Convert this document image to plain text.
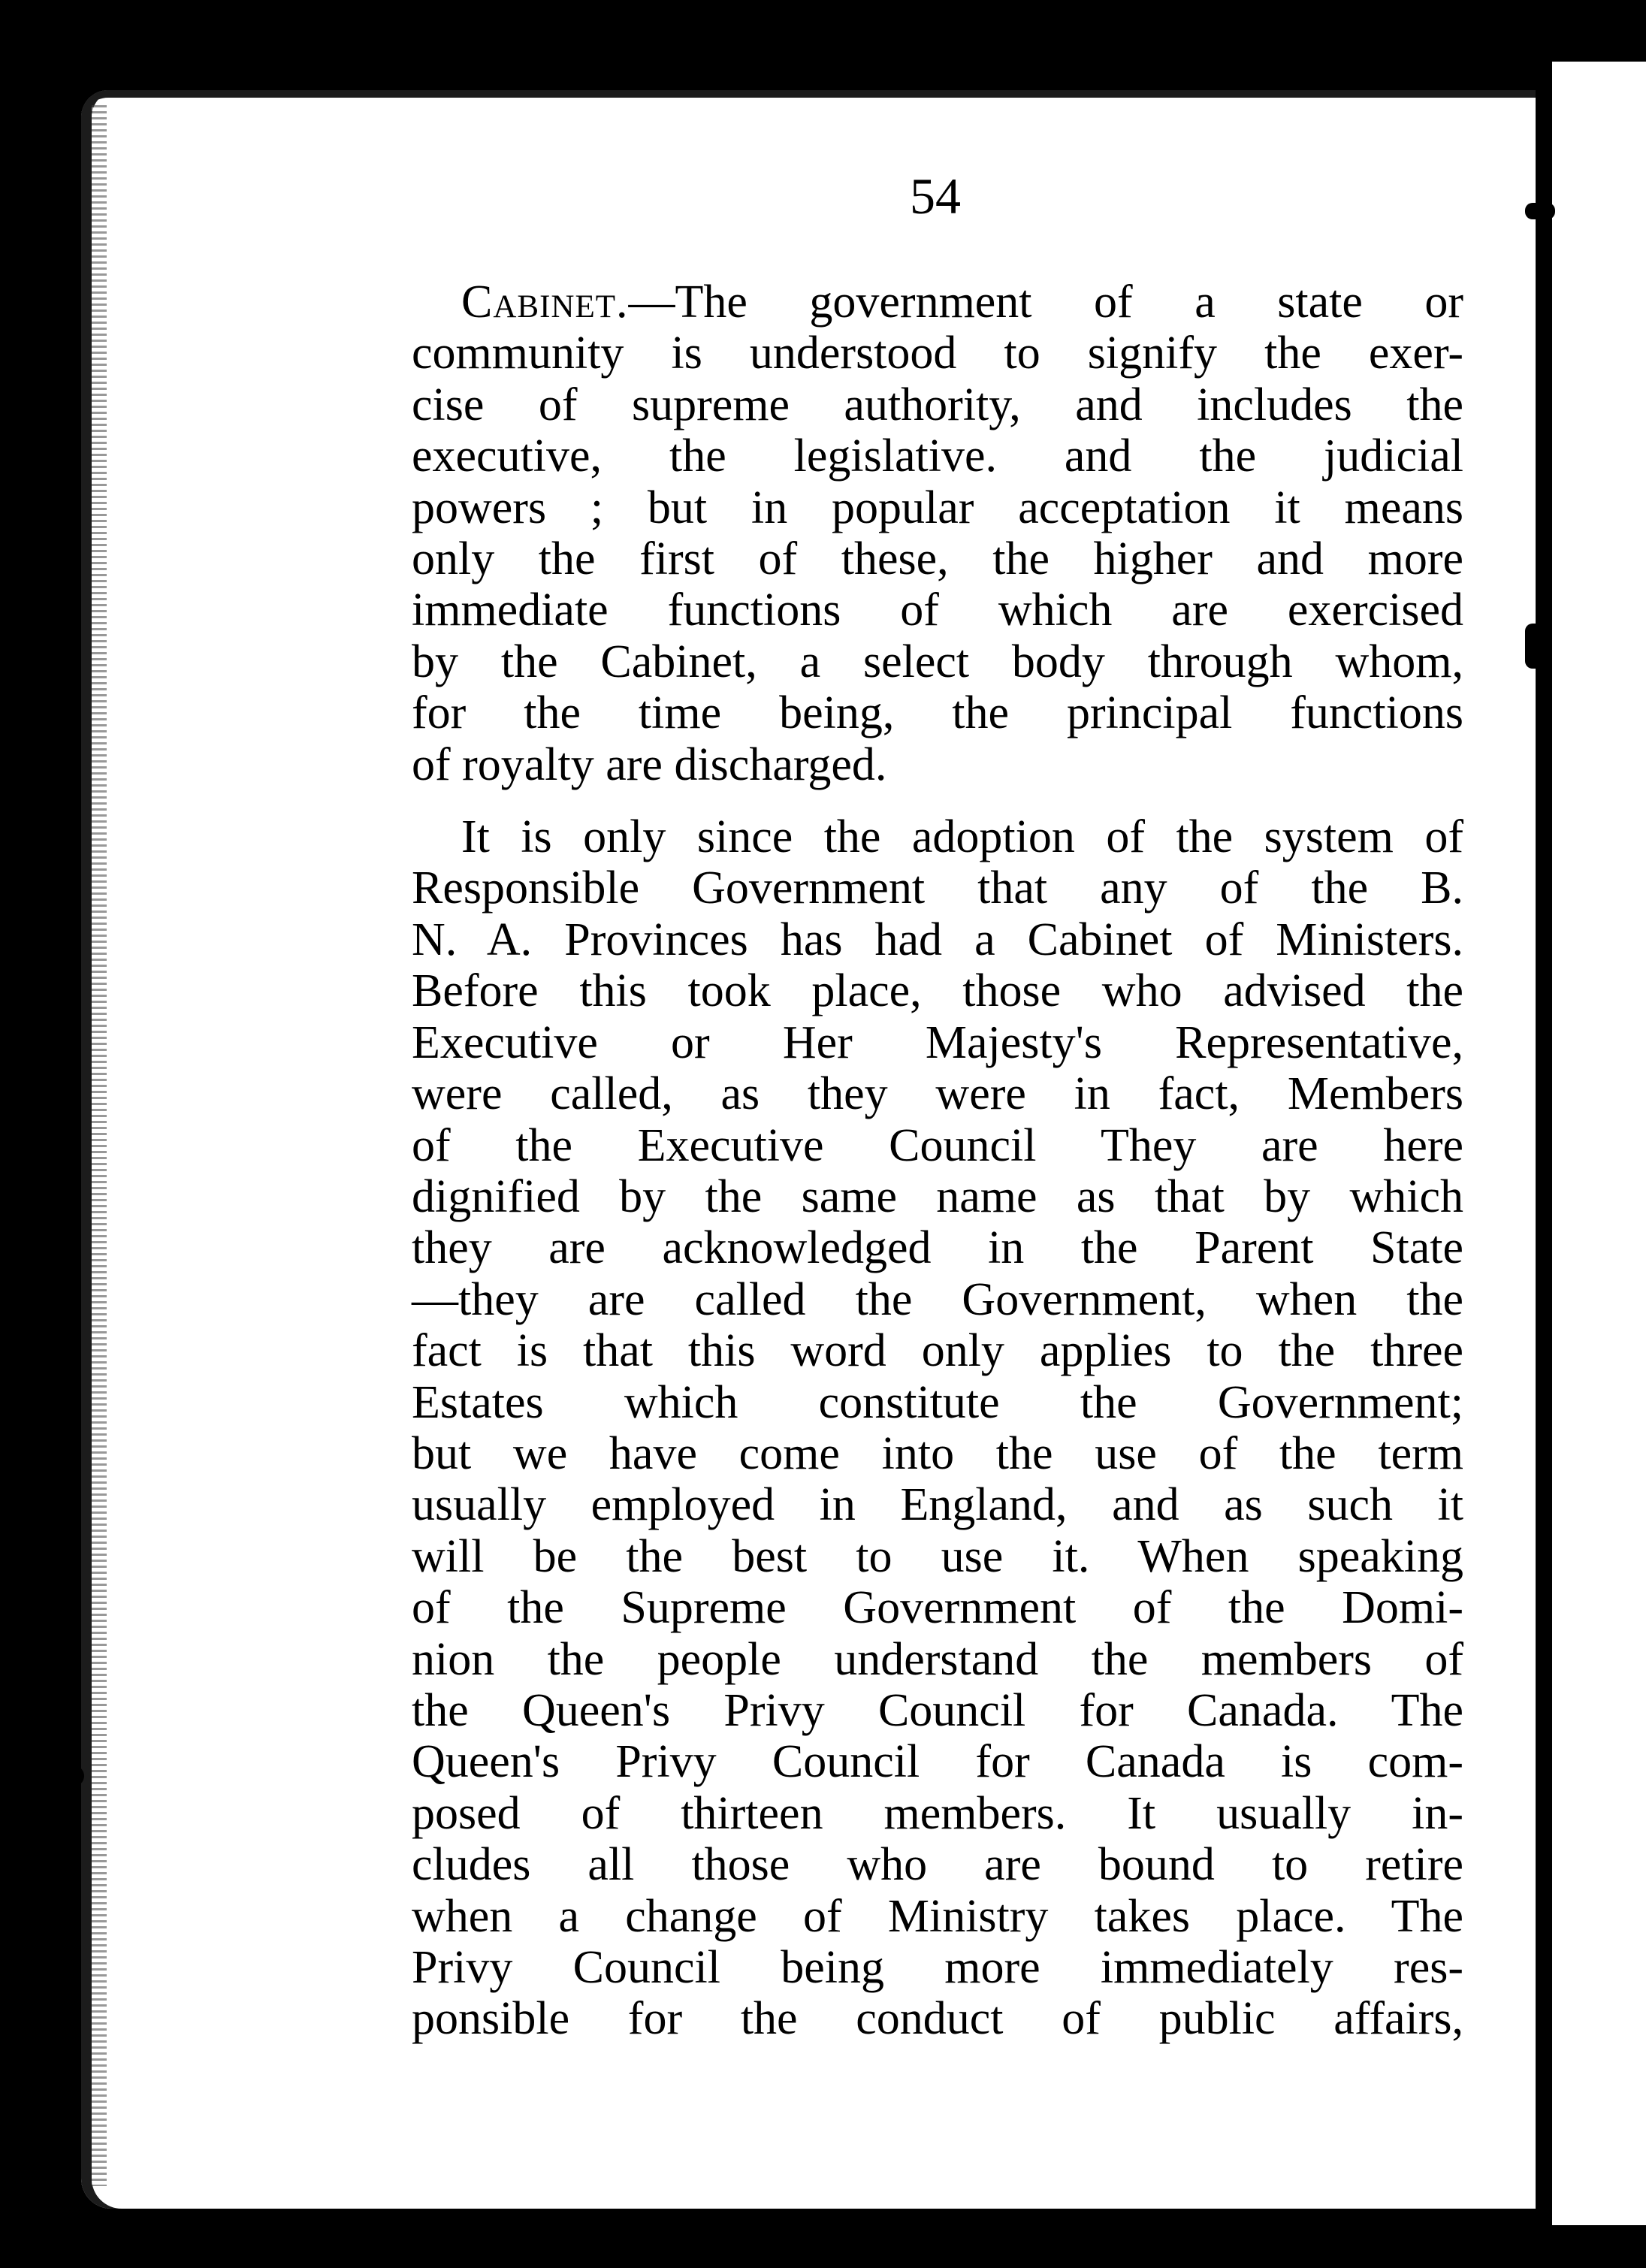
54
Cabinet.—The government of a state or
community is understood to signify the exer-
cise of supreme authority, and includes the
executive, the legislative. and the judicial
powers ; but in popular acceptation it means
only the first of these, the higher and more
immediate functions of which are exercised
by the Cabinet, a select body through whom,
for the time being, the principal functions
of royalty are discharged.
It is only since the adoption of the system of
Responsible Government that any of the B.
N. A. Provinces has had a Cabinet of Ministers.
Before this took place, those who advised the
Executive or Her Majesty's Representative,
were called, as they were in fact, Members
of the Executive Council They are here
dignified by the same name as that by which
they are acknowledged in the Parent State
—they are called the Government, when the
fact is that this word only applies to the three
Estates which constitute the Government;
but we have come into the use of the term
usually employed in England, and as such it
will be the best to use it. When speaking
of the Supreme Government of the Domi-
nion the people understand the members of
the Queen's Privy Council for Canada. The
Queen's Privy Council for Canada is com-
posed of thirteen members. It usually in-
cludes all those who are bound to retire
when a change of Ministry takes place. The
Privy Council being more immediately res-
ponsible for the conduct of public affairs,
